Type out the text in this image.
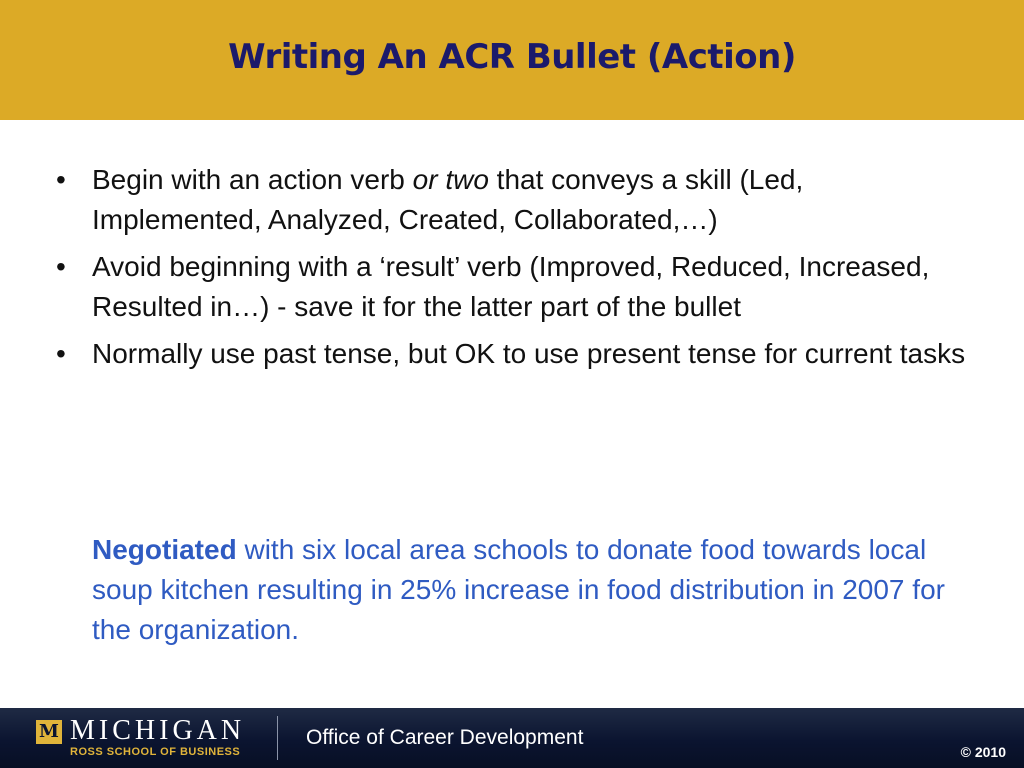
Writing An ACR Bullet (Action)
• Begin with an action verb or two that conveys a skill (Led, Implemented, Analyzed, Created, Collaborated,…)
• Avoid beginning with a ‘result’ verb (Improved, Reduced, Increased, Resulted in…) - save it for the latter part of the bullet
• Normally use past tense, but OK to use present tense for current tasks

Negotiated with six local area schools to donate food towards local soup kitchen resulting in 25% increase in food distribution in 2007 for the organization.

M MICHIGAN
ROSS SCHOOL OF BUSINESS
Office of Career Development
© 2010
